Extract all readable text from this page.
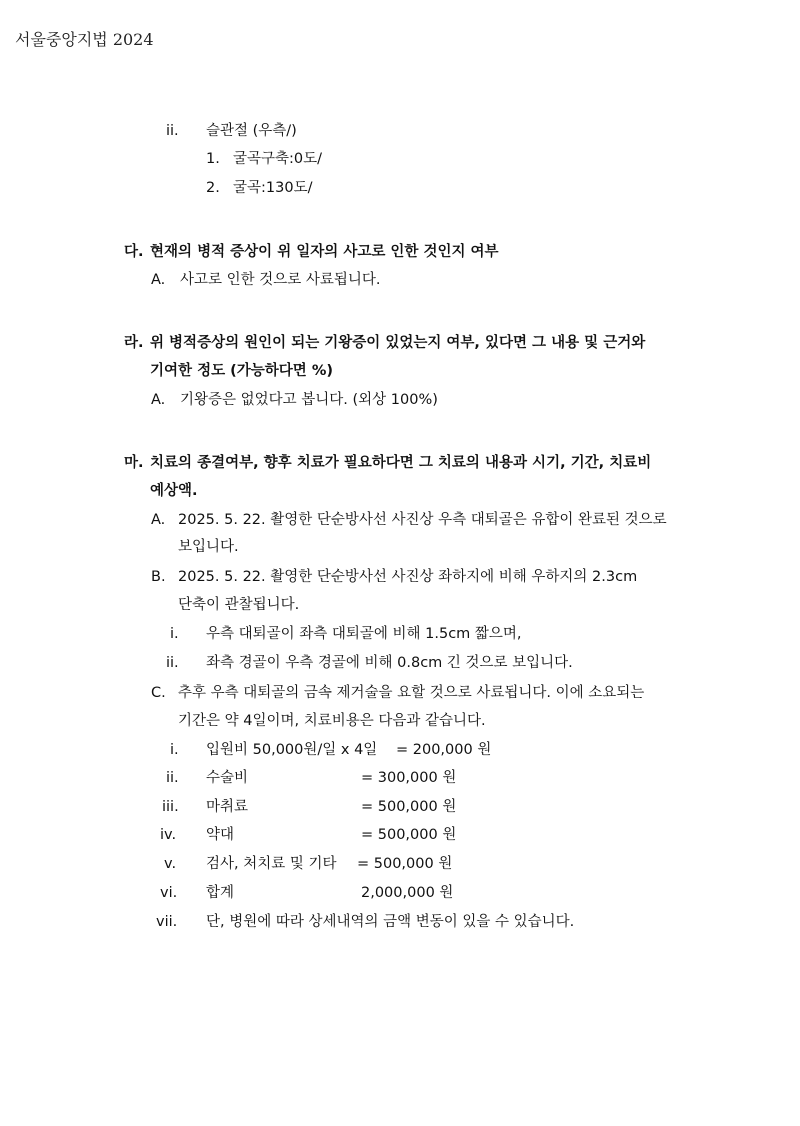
서울중앙지법 2024
ii. 슬관절 (우측/)
1. 굴곡구축:0도/
2. 굴곡:130도/
다. 현재의 병적 증상이 위 일자의 사고로 인한 것인지 여부
A. 사고로 인한 것으로 사료됩니다.
라. 위 병적증상의 원인이 되는 기왕증이 있었는지 여부, 있다면 그 내용 및 근거와
기여한 정도 (가능하다면 %)
A. 기왕증은 없었다고 봅니다. (외상 100%)
마. 치료의 종결여부, 향후 치료가 필요하다면 그 치료의 내용과 시기, 기간, 치료비
예상액.
A. 2025. 5. 22. 촬영한 단순방사선 사진상 우측 대퇴골은 유합이 완료된 것으로
보입니다.
B. 2025. 5. 22. 촬영한 단순방사선 사진상 좌하지에 비해 우하지의 2.3cm
단축이 관찰됩니다.
i. 우측 대퇴골이 좌측 대퇴골에 비해 1.5cm 짧으며,
ii. 좌측 경골이 우측 경골에 비해 0.8cm 긴 것으로 보입니다.
C. 추후 우측 대퇴골의 금속 제거술을 요할 것으로 사료됩니다. 이에 소요되는
기간은 약 4일이며, 치료비용은 다음과 같습니다.
i. 입원비 50,000원/일 x 4일 = 200,000 원
ii. 수술비	= 300,000 원
iii. 마취료	= 500,000 원
iv. 약대	= 500,000 원
v. 검사, 처치료 및 기타 = 500,000 원
vi. 합계	2,000,000 원
vii. 단, 병원에 따라 상세내역의 금액 변동이 있을 수 있습니다.
